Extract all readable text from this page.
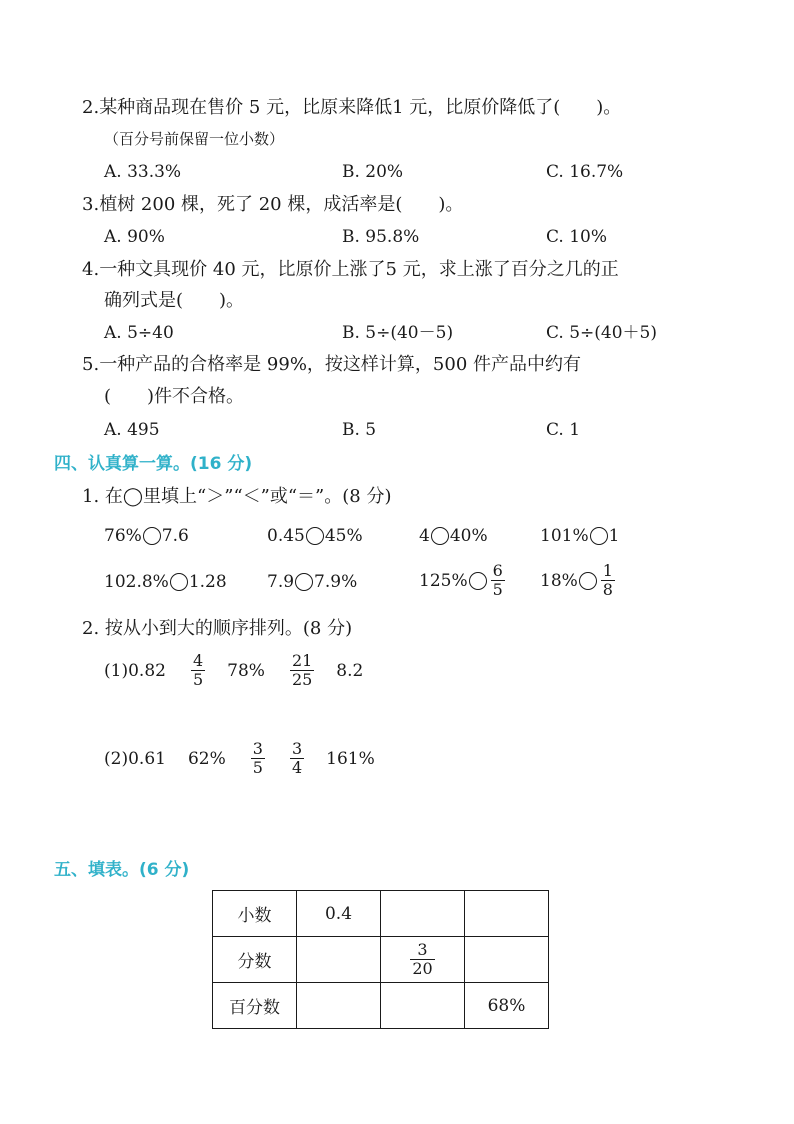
2.某种商品现在售价 5 元，比原来降低1 元，比原价降低了(　　)。
（百分号前保留一位小数）
A. 33.3%	B. 20%	C. 16.7%
3.植树 200 棵，死了 20 棵，成活率是(　　)。
A. 90%	B. 95.8%	C. 10%
4.一种文具现价 40 元，比原价上涨了5 元，求上涨了百分之几的正
确列式是(　　)。
A. 5÷40	B. 5÷(40－5)	C. 5÷(40＋5)
5.一种产品的合格率是 99%，按这样计算，500 件产品中约有
(　　)件不合格。
A. 495	B. 5	C. 1
四、认真算一算。(16 分)
1. 在◯里填上“＞”“＜”或“＝”。(8 分)
76% 7.6	0.45 45%	4 40%	101% 1
102.8% 1.28 7.9 7.9%	$125\% \frac{6}{5} 18\% \frac{1}{8}$
2. 按从小到大的顺序排列。(8 分)
(1) $0.82 \frac{4}{5} 78\% \frac{21}{25} 8.2$
(2) 0.61 $62\% \frac{3}{5} \frac{3}{4} 161\%$
五、填表。(6 分)
小数	0.4		
分数		$\frac{3}{20}$

百分数			68%
